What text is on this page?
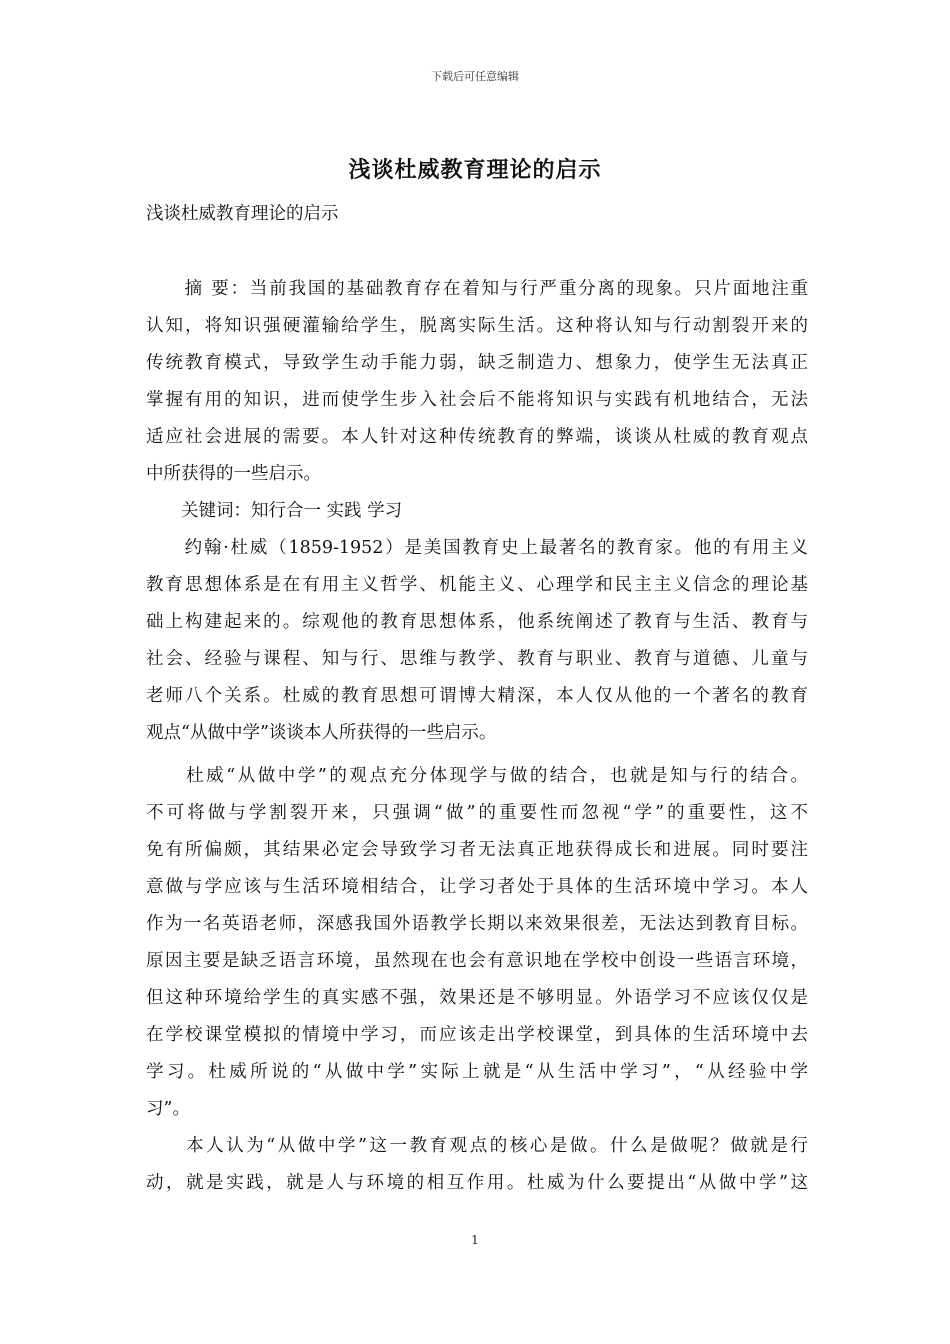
下载后可任意编辑
浅谈杜威教育理论的启示
浅谈杜威教育理论的启示
　　摘 要：当前我国的基础教育存在着知与行严重分离的现象。只片面地注重
认知，将知识强硬灌输给学生，脱离实际生活。这种将认知与行动割裂开来的
传统教育模式，导致学生动手能力弱，缺乏制造力、想象力，使学生无法真正
掌握有用的知识，进而使学生步入社会后不能将知识与实践有机地结合，无法
适应社会进展的需要。本人针对这种传统教育的弊端，谈谈从杜威的教育观点
中所获得的一些启示。
　　关键词：知行合一 实践 学习
　　约翰·杜威（1859-1952）是美国教育史上最著名的教育家。他的有用主义
教育思想体系是在有用主义哲学、机能主义、心理学和民主主义信念的理论基
础上构建起来的。综观他的教育思想体系，他系统阐述了教育与生活、教育与
社会、经验与课程、知与行、思维与教学、教育与职业、教育与道德、儿童与
老师八个关系。杜威的教育思想可谓博大精深，本人仅从他的一个著名的教育
观点“从做中学”谈谈本人所获得的一些启示。
　　杜威“从做中学”的观点充分体现学与做的结合，也就是知与行的结合。
不可将做与学割裂开来，只强调“做”的重要性而忽视“学”的重要性，这不
免有所偏颇，其结果必定会导致学习者无法真正地获得成长和进展。同时要注
意做与学应该与生活环境相结合，让学习者处于具体的生活环境中学习。本人
作为一名英语老师，深感我国外语教学长期以来效果很差，无法达到教育目标。
原因主要是缺乏语言环境，虽然现在也会有意识地在学校中创设一些语言环境，
但这种环境给学生的真实感不强，效果还是不够明显。外语学习不应该仅仅是
在学校课堂模拟的情境中学习，而应该走出学校课堂，到具体的生活环境中去
学习。杜威所说的“从做中学”实际上就是“从生活中学习”，“从经验中学
习”。
　　本人认为“从做中学”这一教育观点的核心是做。什么是做呢？做就是行
动，就是实践，就是人与环境的相互作用。杜威为什么要提出“从做中学”这
1
